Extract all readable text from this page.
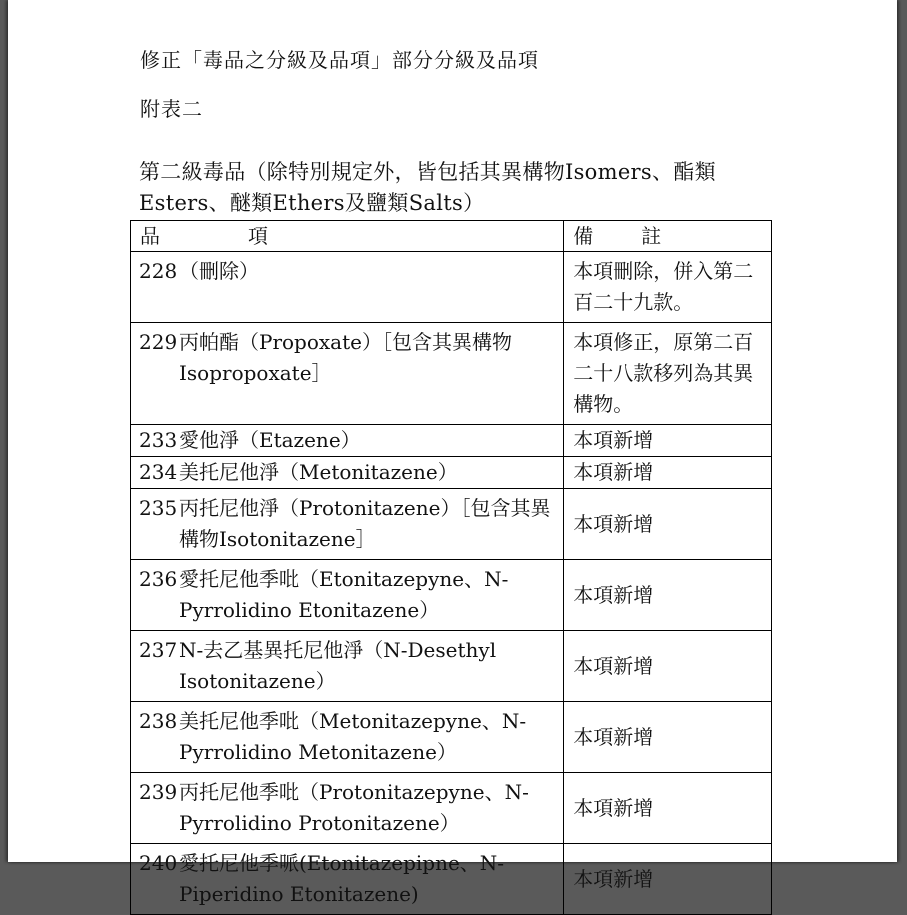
修正「毒品之分級及品項」部分分級及品項
附表二
第二級毒品（除特別規定外，皆包括其異構物Isomers、酯類Esters、醚類Ethers及鹽類Salts）
品 項	備 註

228 （刪除）	本項刪除，併入第二百二十九款。

229 丙帕酯（Propoxate）［包含其異構物Isopropoxate］	本項修正，原第二百二十八款移列為其異構物。

233 愛他淨（Etazene）	本項新增

234 美托尼他淨（Metonitazene）	本項新增

235 丙托尼他淨（Protonitazene）［包含其異構物Isotonitazene］	本項新增

236 愛托尼他季吡（Etonitazepyne、N-Pyrrolidino Etonitazene）	本項新增

237 N-去乙基異托尼他淨（N-Desethyl Isotonitazene）	本項新增

238 美托尼他季吡（Metonitazepyne、N-Pyrrolidino Metonitazene）	本項新增

239 丙托尼他季吡（Protonitazepyne、N-Pyrrolidino Protonitazene）	本項新增

240 愛托尼他季哌(Etonitazepipne、N-Piperidino Etonitazene)	本項新增
